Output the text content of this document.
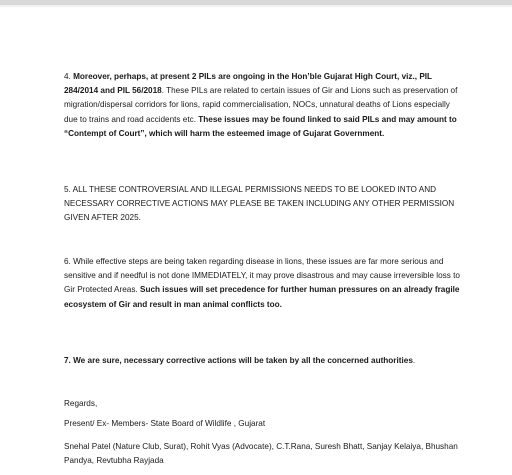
4. Moreover, perhaps, at present 2 PILs are ongoing in the Hon’ble Gujarat High Court, viz., PIL 284/2014 and PIL 56/2018. These PILs are related to certain issues of Gir and Lions such as preservation of migration/dispersal corridors for lions, rapid commercialisation, NOCs, unnatural deaths of Lions especially due to trains and road accidents etc. These issues may be found linked to said PILs and may amount to “Contempt of Court”, which will harm the esteemed image of Gujarat Government.

5. ALL THESE CONTROVERSIAL AND ILLEGAL PERMISSIONS NEEDS TO BE LOOKED INTO AND NECESSARY CORRECTIVE ACTIONS MAY PLEASE BE TAKEN INCLUDING ANY OTHER PERMISSION GIVEN AFTER 2025.

6. While effective steps are being taken regarding disease in lions, these issues are far more serious and sensitive and if needful is not done IMMEDIATELY, it may prove disastrous and may cause irreversible loss to Gir Protected Areas. Such issues will set precedence for further human pressures on an already fragile ecosystem of Gir and result in man animal conflicts too.

7. We are sure, necessary corrective actions will be taken by all the concerned authorities.

Regards,

Present/ Ex- Members- State Board of Wildlife , Gujarat

Snehal Patel (Nature Club, Surat), Rohit Vyas (Advocate), C.T.Rana, Suresh Bhatt, Sanjay Kelaiya, Bhushan Pandya, Revtubha Rayjada
